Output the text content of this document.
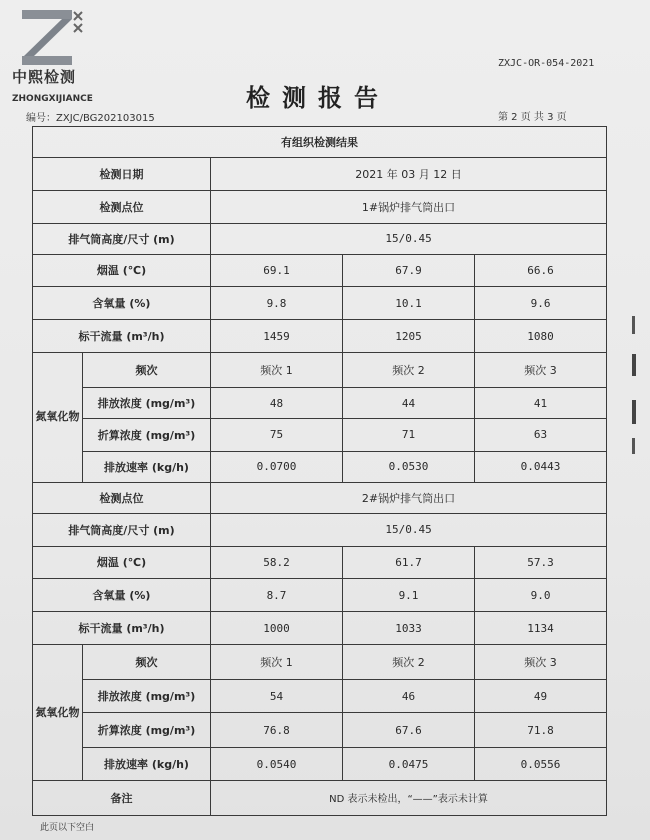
中熙检测
ZHONGXIJIANCE
ZXJC-OR-054-2021
检测报告
编号：ZXJC/BG202103015	第 2 页 共 3 页
有组织检测结果				
检测日期		2021 年 03 月 12 日		
检测点位		1#锅炉排气筒出口		
排气筒高度/尺寸 (m)		15/0.45		
烟温 (℃)		69.1	67.9	66.6
含氧量 (%)		9.8	10.1	9.6
标干流量 (m³/h)		1459	1205	1080

氮氧化物	频次	频次 1	频次 2	频次 3
	排放浓度 (mg/m³)	48	44	41
	折算浓度 (mg/m³)	75	71	63
	排放速率 (kg/h)	0.0700	0.0530	0.0443
检测点位		2#锅炉排气筒出口		
排气筒高度/尺寸 (m)		15/0.45		
烟温 (℃)		58.2	61.7	57.3
含氧量 (%)		8.7	9.1	9.0
标干流量 (m³/h)		1000	1033	1134

氮氧化物	频次	频次 1	频次 2	频次 3
	排放浓度 (mg/m³)	54	46	49
	折算浓度 (mg/m³)	76.8	67.6	71.8
	排放速率 (kg/h)	0.0540	0.0475	0.0556
备注		ND 表示未检出，“——”表示未计算		
此页以下空白
